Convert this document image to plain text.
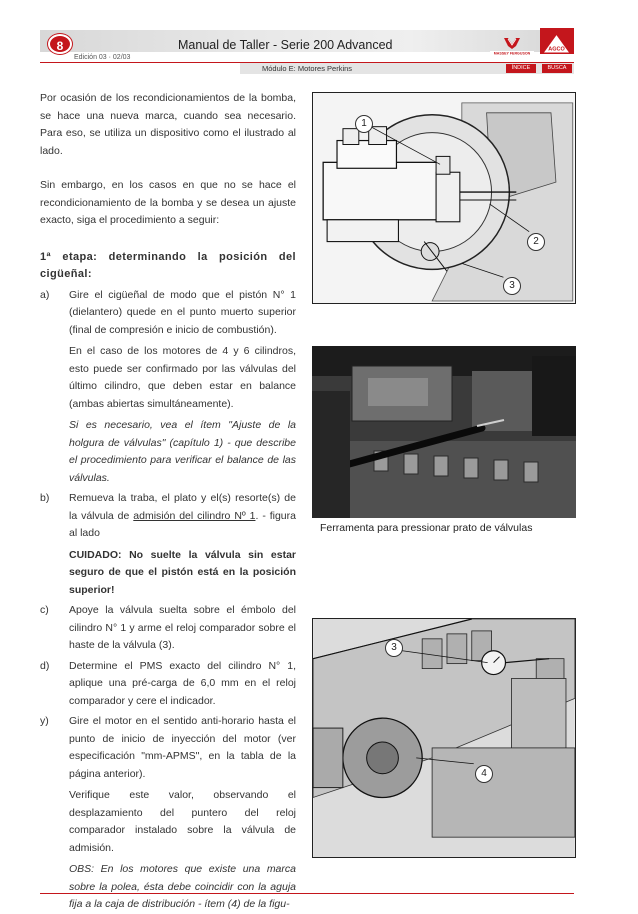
8
Edición 03 · 02/03
Manual de Taller - Serie 200 Advanced
MASSEY FERGUSON
AGCO
Módulo E: Motores Perkins	ÍNDICE	BUSCA

Por ocasión de los recondicionamientos de la bomba, se hace una nueva marca, cuando sea necesario. Para eso, se utiliza un dispositivo como el ilustrado al lado.

Sin embargo, en los casos en que no se hace el recondicionamiento de la bomba y se desea un ajuste exacto, siga el procedimiento a seguir:

1ª etapa: determinando la posición del cigüeñal:

a) Gire el cigüeñal de modo que el pistón N° 1 (dielantero) quede en el punto muerto superior (final de compresión e inicio de combustión).

En el caso de los motores de 4 y 6 cilindros, esto puede ser confirmado por las válvulas del último cilindro, que deben estar en balance (ambas abiertas simultáneamente).

Si es necesario, vea el ítem "Ajuste de la holgura de válvulas" (capítulo 1) - que describe el procedimiento para verificar el balance de las válvulas.

b) Remueva la traba, el plato y el(s) resorte(s) de la válvula de admisión del cilindro Nº 1. - figura al lado

CUIDADO: No suelte la válvula sin estar seguro de que el pistón está en la posición superior!

c) Apoye la válvula suelta sobre el émbolo del cilindro N° 1 y arme el reloj comparador sobre el haste de la válvula (3).

d) Determine el PMS exacto del cilindro N° 1, aplique una pré-carga de 6,0 mm en el reloj comparador y cere el indicador.

y) Gire el motor en el sentido anti-horario hasta el punto de inicio de inyección del motor (ver especificación "mm-APMS", en la tabla de la página anterior).

Verifique este valor, observando el desplazamiento del puntero del reloj comparador instalado sobre la válvula de admisión.

OBS: En los motores que existe una marca sobre la polea, ésta debe coincidir con la aguja fija a la caja de distribución - ítem (4) de la figu-

1
2
3
Ferramenta para pressionar prato de válvulas
3
4
